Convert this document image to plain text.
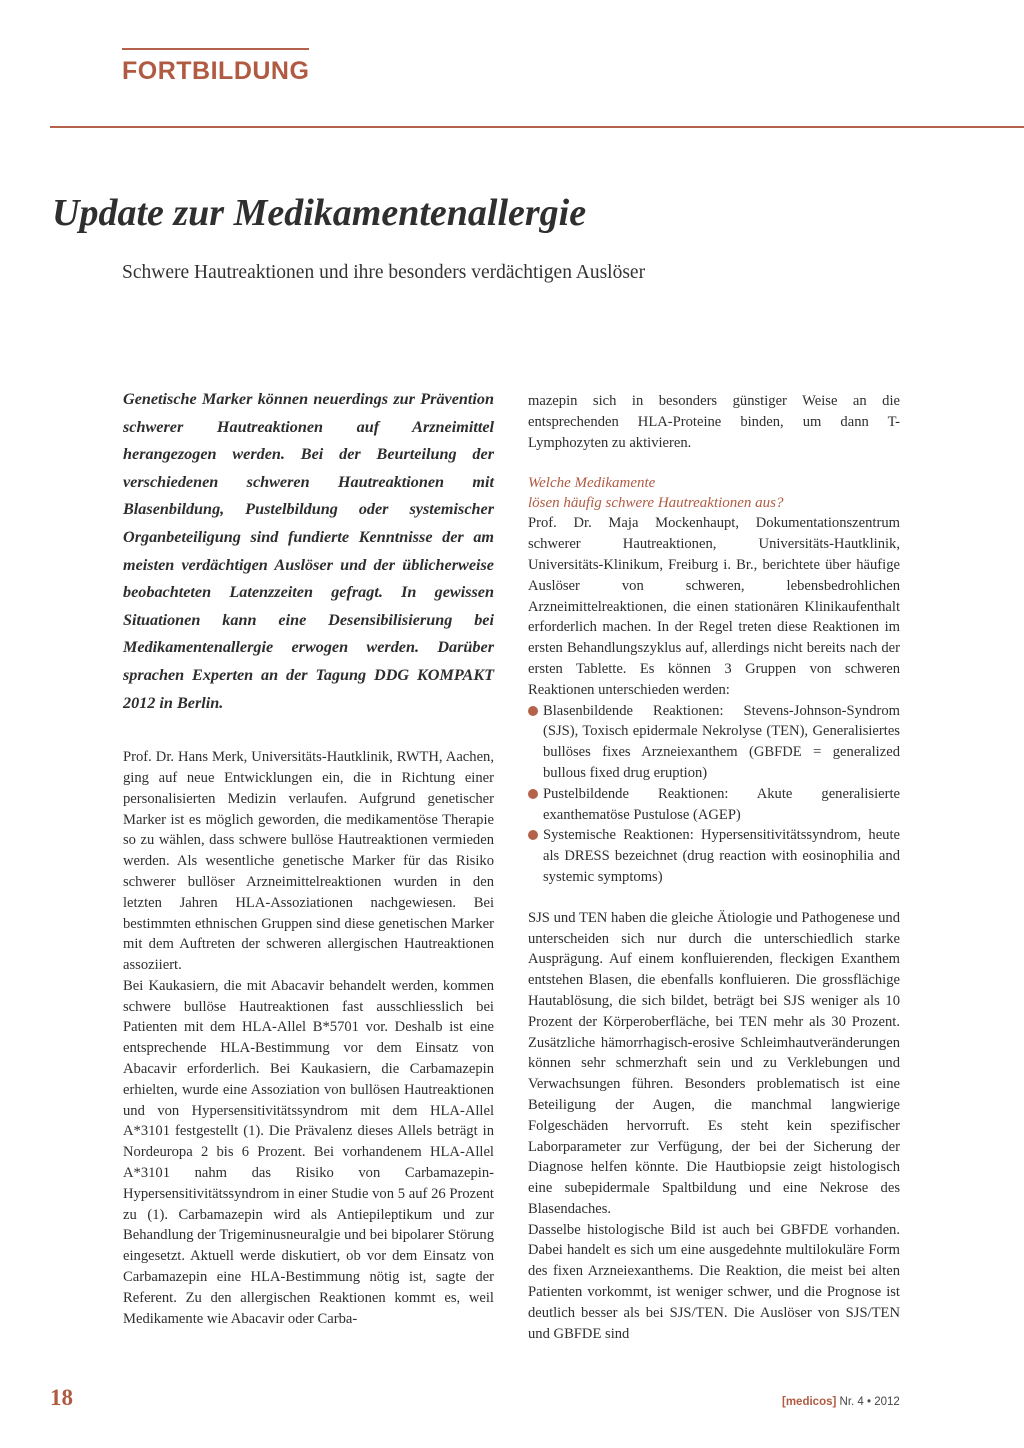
FORTBILDUNG
Update zur Medikamentenallergie

Schwere Hautreaktionen und ihre besonders verdächtigen Auslöser

Genetische Marker können neuerdings zur Prävention schwerer Hautreaktionen auf Arzneimittel herangezogen werden. Bei der Beurteilung der verschiedenen schweren Hautreaktionen mit Blasenbildung, Pustelbildung oder systemischer Organbeteiligung sind fundierte Kenntnisse der am meisten verdächtigen Auslöser und der üblicherweise beobachteten Latenzzeiten gefragt. In gewissen Situationen kann eine Desensibilisierung bei Medikamentenallergie erwogen werden. Darüber sprachen Experten an der Tagung DDG KOMPAKT 2012 in Berlin.

Prof. Dr. Hans Merk, Universitäts-Hautklinik, RWTH, Aachen, ging auf neue Entwicklungen ein, die in Richtung einer personalisierten Medizin verlaufen. Aufgrund genetischer Marker ist es möglich geworden, die medikamentöse Therapie so zu wählen, dass schwere bullöse Hautreaktionen vermieden werden. Als wesentliche genetische Marker für das Risiko schwerer bullöser Arzneimittelreaktionen wurden in den letzten Jahren HLA-Assoziationen nachgewiesen. Bei bestimmten ethnischen Gruppen sind diese genetischen Marker mit dem Auftreten der schweren allergischen Hautreaktionen assoziiert.

Bei Kaukasiern, die mit Abacavir behandelt werden, kommen schwere bullöse Hautreaktionen fast ausschliesslich bei Patienten mit dem HLA-Allel B*5701 vor. Deshalb ist eine entsprechende HLA-Bestimmung vor dem Einsatz von Abacavir erforderlich. Bei Kaukasiern, die Carbamazepin erhielten, wurde eine Assoziation von bullösen Hautreaktionen und von Hypersensitivitätssyndrom mit dem HLA-Allel A*3101 festgestellt (1). Die Prävalenz dieses Allels beträgt in Nordeuropa 2 bis 6 Prozent. Bei vorhandenem HLA-Allel A*3101 nahm das Risiko von Carbamazepin-Hypersensitivitätssyndrom in einer Studie von 5 auf 26 Prozent zu (1). Carbamazepin wird als Antiepileptikum und zur Behandlung der Trigeminusneuralgie und bei bipolarer Störung eingesetzt. Aktuell werde diskutiert, ob vor dem Einsatz von Carbamazepin eine HLA-Bestimmung nötig ist, sagte der Referent. Zu den allergischen Reaktionen kommt es, weil Medikamente wie Abacavir oder Carba-

mazepin sich in besonders günstiger Weise an die entsprechenden HLA-Proteine binden, um dann T-Lymphozyten zu aktivieren.

Welche Medikamente
lösen häufig schwere Hautreaktionen aus?

Prof. Dr. Maja Mockenhaupt, Dokumentationszentrum schwerer Hautreaktionen, Universitäts-Hautklinik, Universitäts-Klinikum, Freiburg i. Br., berichtete über häufige Auslöser von schweren, lebensbedrohlichen Arzneimittelreaktionen, die einen stationären Klinikaufenthalt erforderlich machen. In der Regel treten diese Reaktionen im ersten Behandlungszyklus auf, allerdings nicht bereits nach der ersten Tablette. Es können 3 Gruppen von schweren Reaktionen unterschieden werden:

Blasenbildende Reaktionen: Stevens-Johnson-Syndrom (SJS), Toxisch epidermale Nekrolyse (TEN), Generalisiertes bullöses fixes Arzneiexanthem (GBFDE = generalized bullous fixed drug eruption)
Pustelbildende Reaktionen: Akute generalisierte exanthematöse Pustulose (AGEP)
Systemische Reaktionen: Hypersensitivitätssyndrom, heute als DRESS bezeichnet (drug reaction with eosinophilia and systemic symptoms)

SJS und TEN haben die gleiche Ätiologie und Pathogenese und unterscheiden sich nur durch die unterschiedlich starke Ausprägung. Auf einem konfluierenden, fleckigen Exanthem entstehen Blasen, die ebenfalls konfluieren. Die grossflächige Hautablösung, die sich bildet, beträgt bei SJS weniger als 10 Prozent der Körperoberfläche, bei TEN mehr als 30 Prozent. Zusätzliche hämorrhagisch-erosive Schleimhautveränderungen können sehr schmerzhaft sein und zu Verklebungen und Verwachsungen führen. Besonders problematisch ist eine Beteiligung der Augen, die manchmal langwierige Folgeschäden hervorruft. Es steht kein spezifischer Laborparameter zur Verfügung, der bei der Sicherung der Diagnose helfen könnte. Die Hautbiopsie zeigt histologisch eine subepidermale Spaltbildung und eine Nekrose des Blasendaches.

Dasselbe histologische Bild ist auch bei GBFDE vorhanden. Dabei handelt es sich um eine ausgedehnte multilokuläre Form des fixen Arzneiexanthems. Die Reaktion, die meist bei alten Patienten vorkommt, ist weniger schwer, und die Prognose ist deutlich besser als bei SJS/TEN. Die Auslöser von SJS/TEN und GBFDE sind

18	[medicos] Nr. 4 • 2012
